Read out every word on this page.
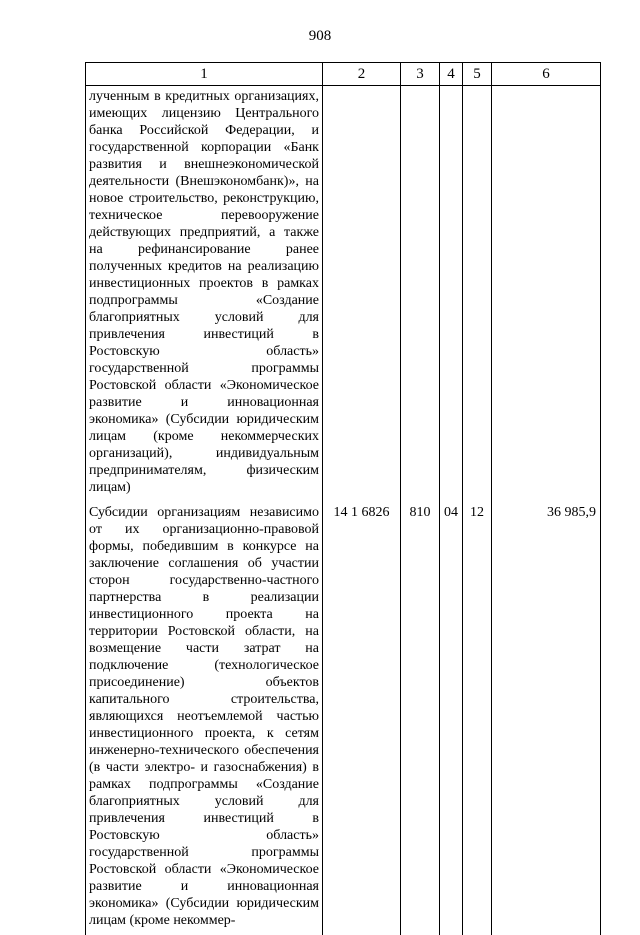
908
1	2	3	4	5	6
лученным в кредитных организациях, имеющих лицензию Центрального банка Российской Федерации, и государственной корпорации «Банк развития и внешнеэкономической деятельности (Внешэкономбанк)», на новое строительство, реконструкцию, техническое перевооружение действующих предприятий, а также на рефинансирование ранее полученных кредитов на реализацию инвестиционных проектов в рамках подпрограммы «Создание благоприятных условий для привлечения инвестиций в Ростовскую область» государственной программы Ростовской области «Экономическое развитие и инновационная экономика» (Субсидии юридическим лицам (кроме некоммерческих организаций), индивидуальным предпринимателям, физическим лицам)					
Субсидии организациям независимо от их организационно-правовой формы, победившим в конкурсе на заключение соглашения об участии сторон государственно-частного партнерства в реализации инвестиционного проекта на территории Ростовской области, на возмещение части затрат на подключение (технологическое присоединение) объектов капитального строительства, являющихся неотъемлемой частью инвестиционного проекта, к сетям инженерно-технического обеспечения (в части электро- и газоснабжения) в рамках подпрограммы «Создание благоприятных условий для привлечения инвестиций в Ростовскую область» государственной программы Ростовской области «Экономическое развитие и инновационная экономика» (Субсидии юридическим лицам (кроме некоммер-	14 1 6826	810	04	12	36 985,9
